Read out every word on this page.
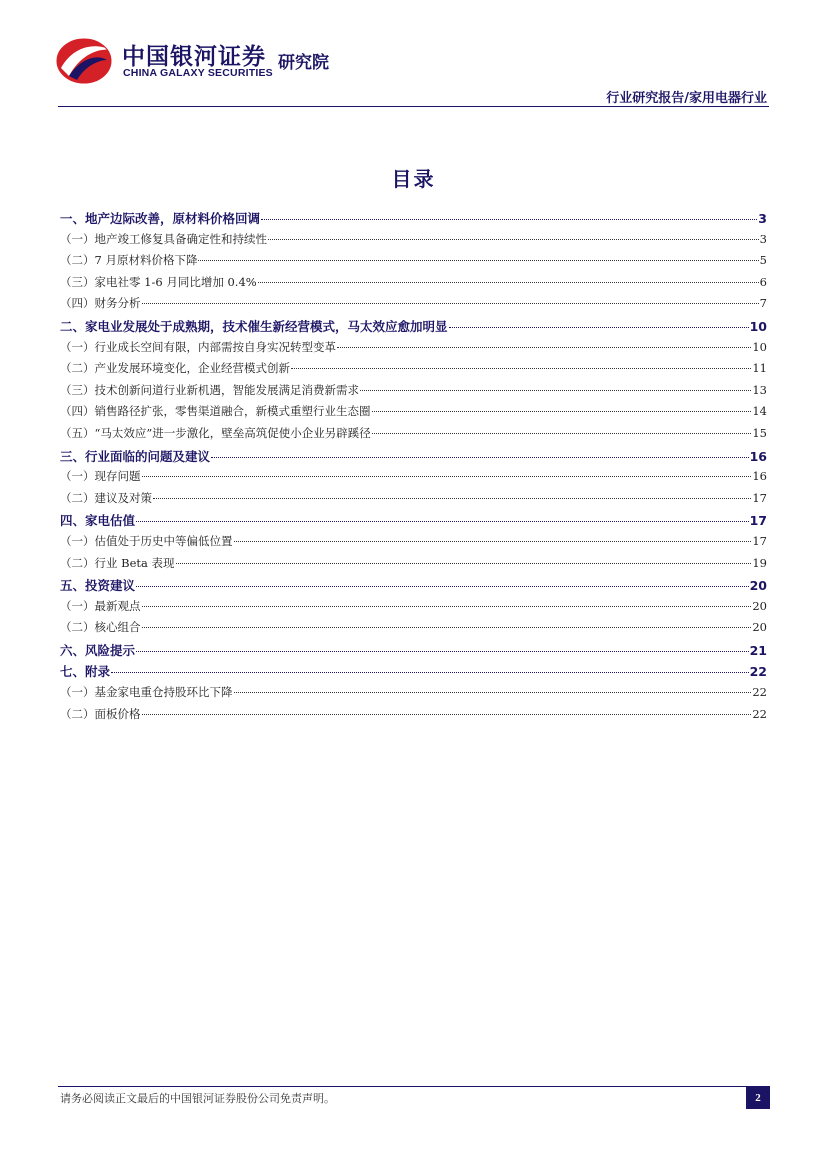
中国银河证券
CHINA GALAXY SECURITIES 研究院
行业研究报告/家用电器行业
目录
一、地产边际改善，原材料价格回调	3
（一）地产竣工修复具备确定性和持续性	3
（二）7 月原材料价格下降	5
（三）家电社零 1-6 月同比增加 0.4%	6
（四）财务分析	7
二、家电业发展处于成熟期，技术催生新经营模式，马太效应愈加明显	10
（一）行业成长空间有限，内部需按自身实况转型变革	10
（二）产业发展环境变化，企业经营模式创新	11
（三）技术创新问道行业新机遇，智能发展满足消费新需求	13
（四）销售路径扩张，零售渠道融合，新模式重塑行业生态圈	14
（五）“马太效应”进一步激化，壁垒高筑促使小企业另辟蹊径	15
三、行业面临的问题及建议	16
（一）现存问题	16
（二）建议及对策	17
四、家电估值	17
（一）估值处于历史中等偏低位置	17
（二）行业 Beta 表现	19
五、投资建议	20
（一）最新观点	20
（二）核心组合	20
六、风险提示	21
七、附录	22
（一）基金家电重仓持股环比下降	22
（二）面板价格	22
请务必阅读正文最后的中国银河证券股份公司免责声明。	2
